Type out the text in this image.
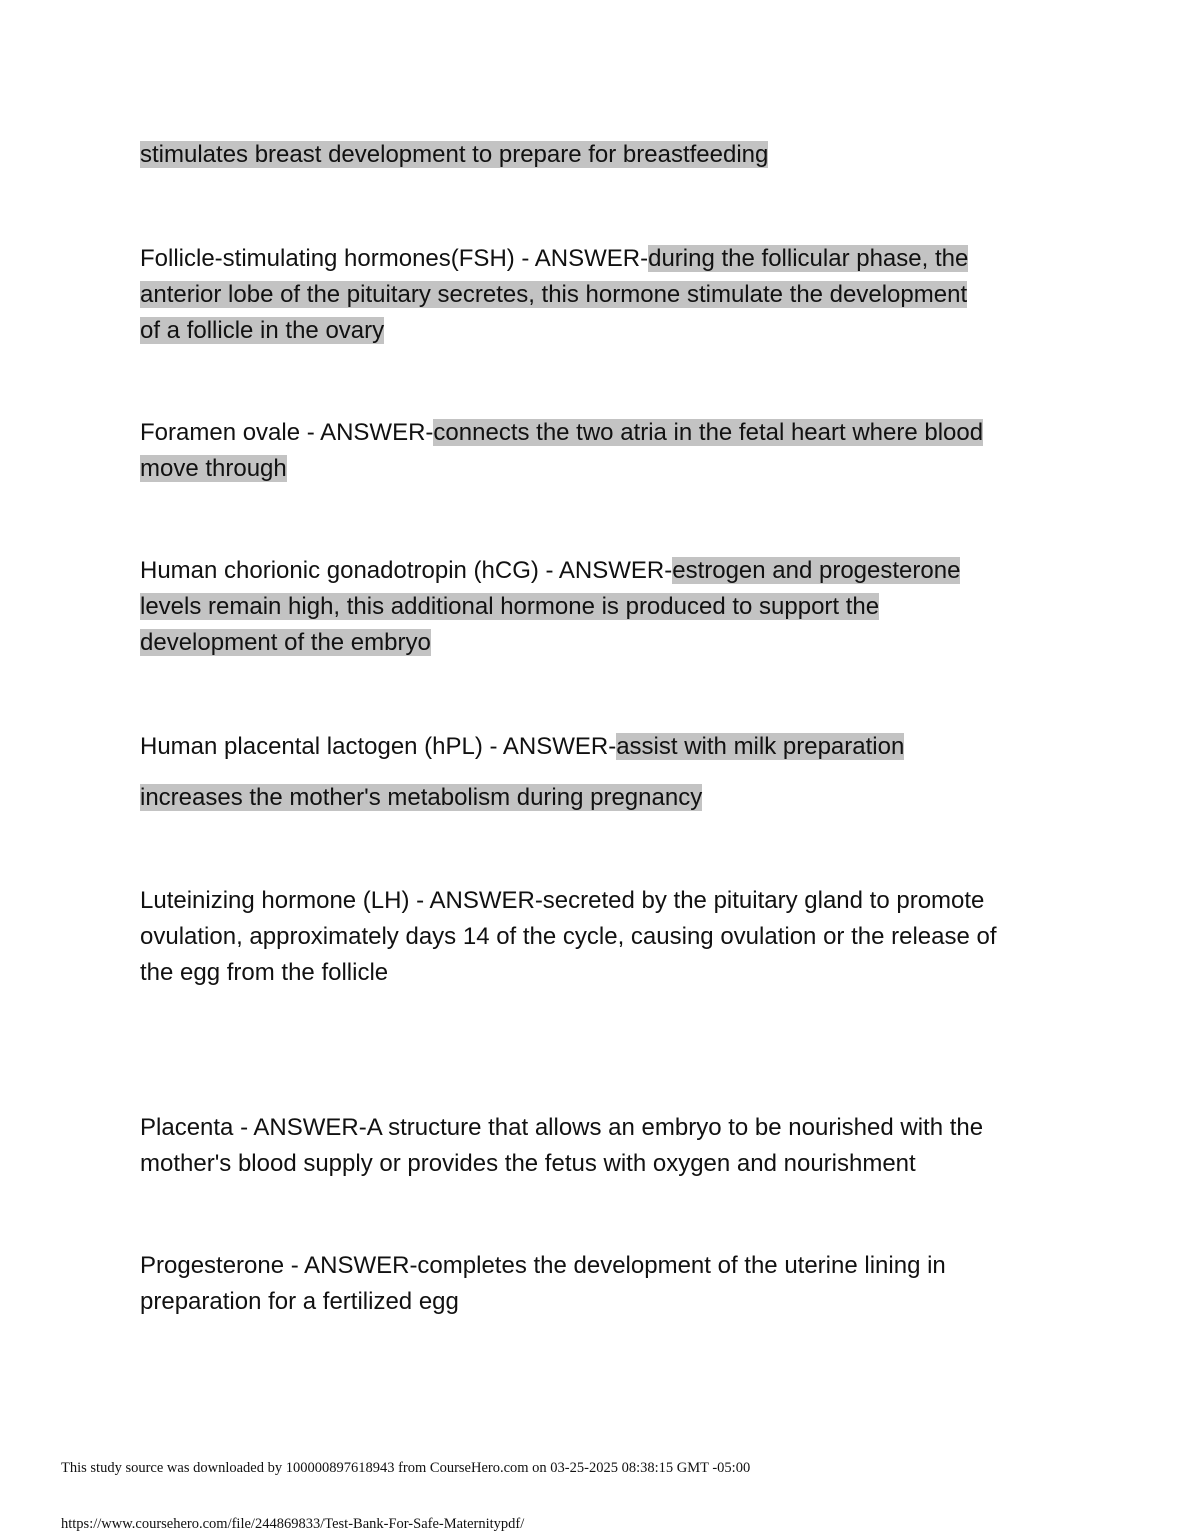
stimulates breast development to prepare for breastfeeding
Follicle-stimulating hormones(FSH) - ANSWER-during the follicular phase, the
anterior lobe of the pituitary secretes, this hormone stimulate the development
of a follicle in the ovary
Foramen ovale - ANSWER-connects the two atria in the fetal heart where blood
move through
Human chorionic gonadotropin (hCG) - ANSWER-estrogen and progesterone
levels remain high, this additional hormone is produced to support the
development of the embryo
Human placental lactogen (hPL) - ANSWER-assist with milk preparation
increases the mother's metabolism during pregnancy
Luteinizing hormone (LH) - ANSWER-secreted by the pituitary gland to promote
ovulation, approximately days 14 of the cycle, causing ovulation or the release of
the egg from the follicle
Placenta - ANSWER-A structure that allows an embryo to be nourished with the
mother's blood supply or provides the fetus with oxygen and nourishment
Progesterone - ANSWER-completes the development of the uterine lining in
preparation for a fertilized egg
This study source was downloaded by 100000897618943 from CourseHero.com on 03-25-2025 08:38:15 GMT -05:00
https://www.coursehero.com/file/244869833/Test-Bank-For-Safe-Maternitypdf/
